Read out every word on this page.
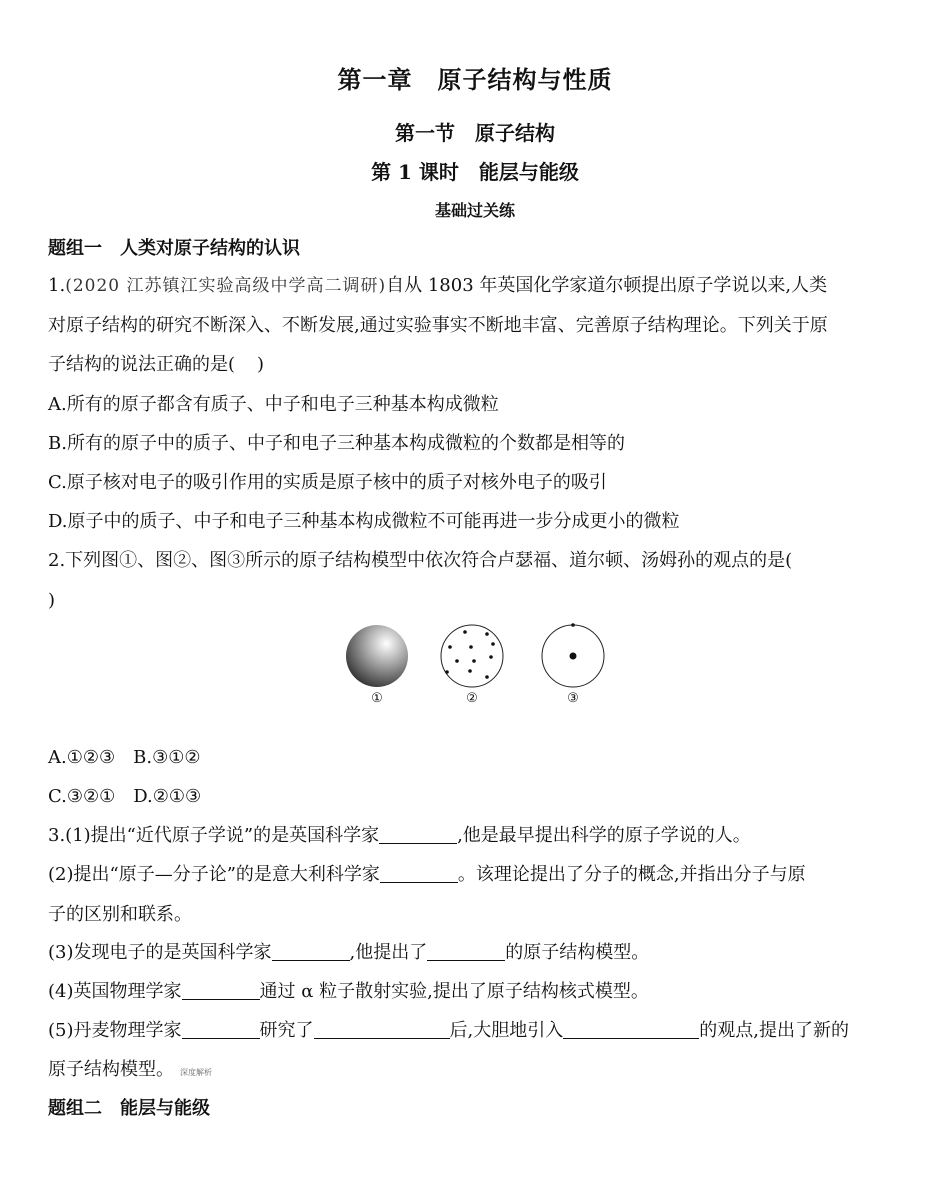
第一章　原子结构与性质
第一节　原子结构
第 1 课时　能层与能级
基础过关练
题组一　人类对原子结构的认识
1.(2020 江苏镇江实验高级中学高二调研)自从 1803 年英国化学家道尔顿提出原子学说以来,人类
对原子结构的研究不断深入、不断发展,通过实验事实不断地丰富、完善原子结构理论。下列关于原
子结构的说法正确的是( )
A.所有的原子都含有质子、中子和电子三种基本构成微粒
B.所有的原子中的质子、中子和电子三种基本构成微粒的个数都是相等的
C.原子核对电子的吸引作用的实质是原子核中的质子对核外电子的吸引
D.原子中的质子、中子和电子三种基本构成微粒不可能再进一步分成更小的微粒
2.下列图①、图②、图③所示的原子结构模型中依次符合卢瑟福、道尔顿、汤姆孙的观点的是(
)
①	②	③
A.①②③　B.③①②
C.③②①　D.②①③
3.(1)提出“近代原子学说”的是英国科学家	,他是最早提出科学的原子学说的人。
(2)提出“原子—分子论”的是意大利科学家	。该理论提出了分子的概念,并指出分子与原
子的区别和联系。
(3)发现电子的是英国科学家	,他提出了	的原子结构模型。
(4)英国物理学家	通过 α 粒子散射实验,提出了原子结构核式模型。
(5)丹麦物理学家	研究了	后,大胆地引入	的观点,提出了新的
原子结构模型。 深度解析
题组二　能层与能级
